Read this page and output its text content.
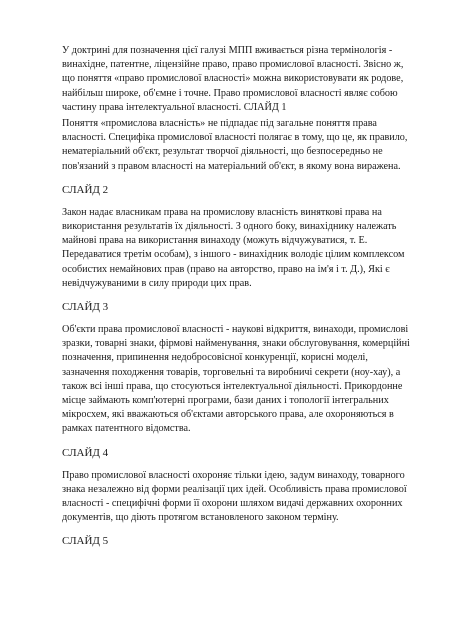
У доктрині для позначення цієї галузі МПП вживається різна термінологія - винахідне, патентне, ліцензійне право, право промислової власності. Звісно ж, що поняття «право промислової власності» можна використовувати як родове, найбільш широке, об'ємне і точне. Право промислової власності являє собою частину права інтелектуальної власності. СЛАЙД 1

Поняття «промислова власність» не підпадає під загальне поняття права власності. Специфіка промислової власності полягає в тому, що це, як правило, нематеріальний об'єкт, результат творчої діяльності, що безпосередньо не пов'язаний з правом власності на матеріальний об'єкт, в якому вона виражена.

СЛАЙД 2

Закон надає власникам права на промислову власність виняткові права на використання результатів їх діяльності. З одного боку, винахіднику належать майнові права на використання винаходу (можуть відчужуватися, т. Е. Передаватися третім особам), з іншого - винахідник володіє цілим комплексом особистих немайнових прав (право на авторство, право на ім'я і т. Д.), Які є невідчужуваними в силу природи цих прав.

СЛАЙД 3

Об'єкти права промислової власності - наукові відкриття, винаходи, промислові зразки, товарні знаки, фірмові найменування, знаки обслуговування, комерційні позначення, припинення недобросовісної конкуренції, корисні моделі, зазначення походження товарів, торговельні та виробничі секрети (ноу-хау), а також всі інші права, що стосуються інтелектуальної діяльності. Прикордонне місце займають комп'ютерні програми, бази даних і топології інтегральних мікросхем, які вважаються об'єктами авторського права, але охороняються в рамках патентного відомства.

СЛАЙД 4

Право промислової власності охороняє тільки ідею, задум винаходу, товарного знака незалежно від форми реалізації цих ідей. Особливість права промислової власності - специфічні форми її охорони шляхом видачі державних охоронних документів, що діють протягом встановленого законом терміну.

СЛАЙД 5
